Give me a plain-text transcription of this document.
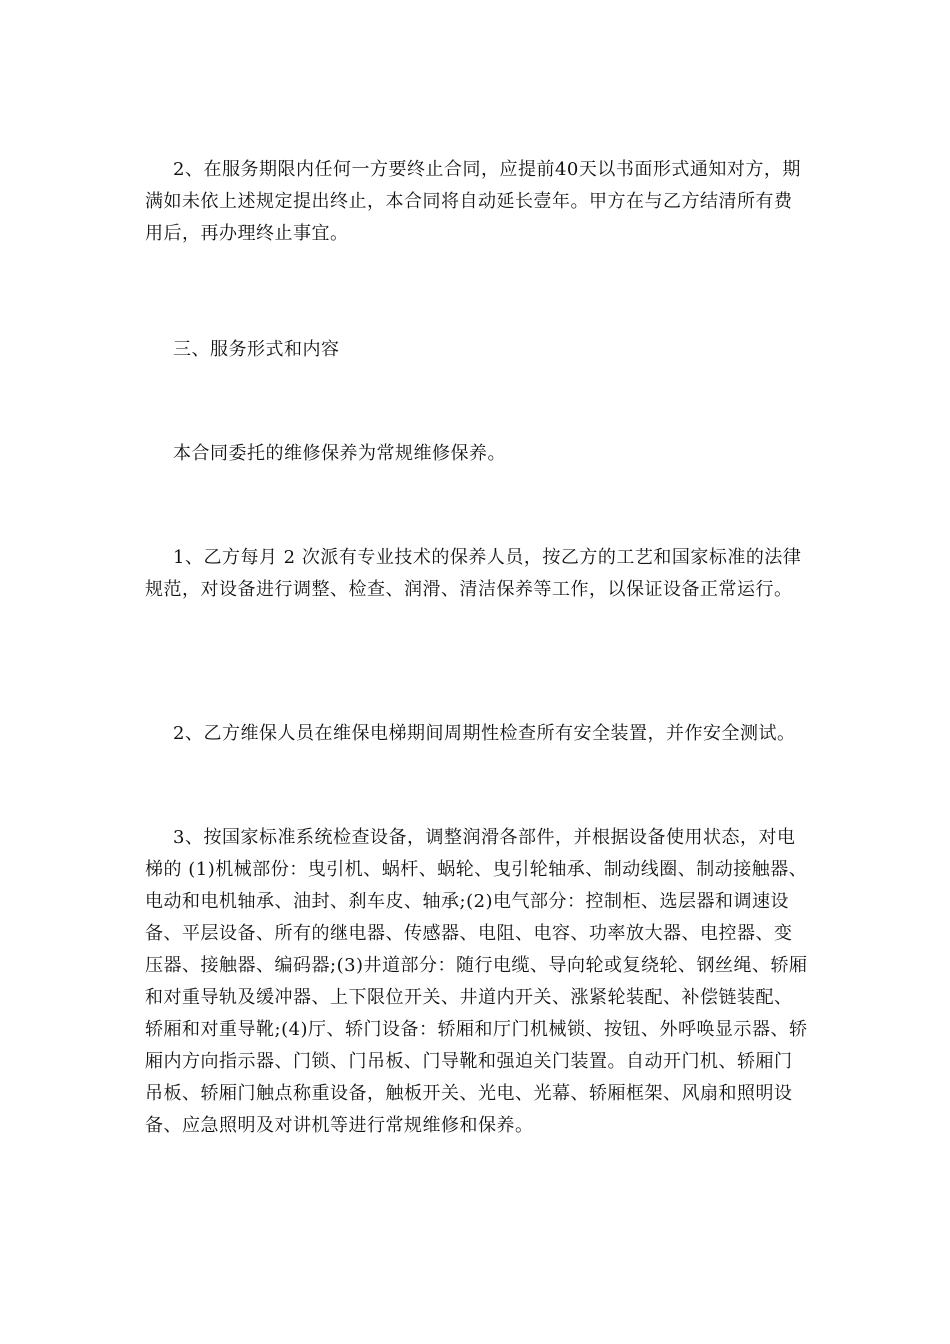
2、在服务期限内任何一方要终止合同，应提前40天以书面形式通知对方，期满如未依上述规定提出终止，本合同将自动延长壹年。甲方在与乙方结清所有费用后，再办理终止事宜。

三、服务形式和内容

本合同委托的维修保养为常规维修保养。

1、乙方每月 2 次派有专业技术的保养人员，按乙方的工艺和国家标准的法律规范，对设备进行调整、检查、润滑、清洁保养等工作，以保证设备正常运行。

2、乙方维保人员在维保电梯期间周期性检查所有安全装置，并作安全测试。

3、按国家标准系统检查设备，调整润滑各部件，并根据设备使用状态，对电梯的 (1)机械部份：曳引机、蜗杆、蜗轮、曳引轮轴承、制动线圈、制动接触器、电动和电机轴承、油封、刹车皮、轴承;(2)电气部分：控制柜、选层器和调速设备、平层设备、所有的继电器、传感器、电阻、电容、功率放大器、电控器、变压器、接触器、编码器;(3)井道部分：随行电缆、导向轮或复绕轮、钢丝绳、轿厢和对重导轨及缓冲器、上下限位开关、井道内开关、涨紧轮装配、补偿链装配、轿厢和对重导靴;(4)厅、轿门设备：轿厢和厅门机械锁、按钮、外呼唤显示器、轿厢内方向指示器、门锁、门吊板、门导靴和强迫关门装置。自动开门机、轿厢门吊板、轿厢门触点称重设备，触板开关、光电、光幕、轿厢框架、风扇和照明设备、应急照明及对讲机等进行常规维修和保养。
